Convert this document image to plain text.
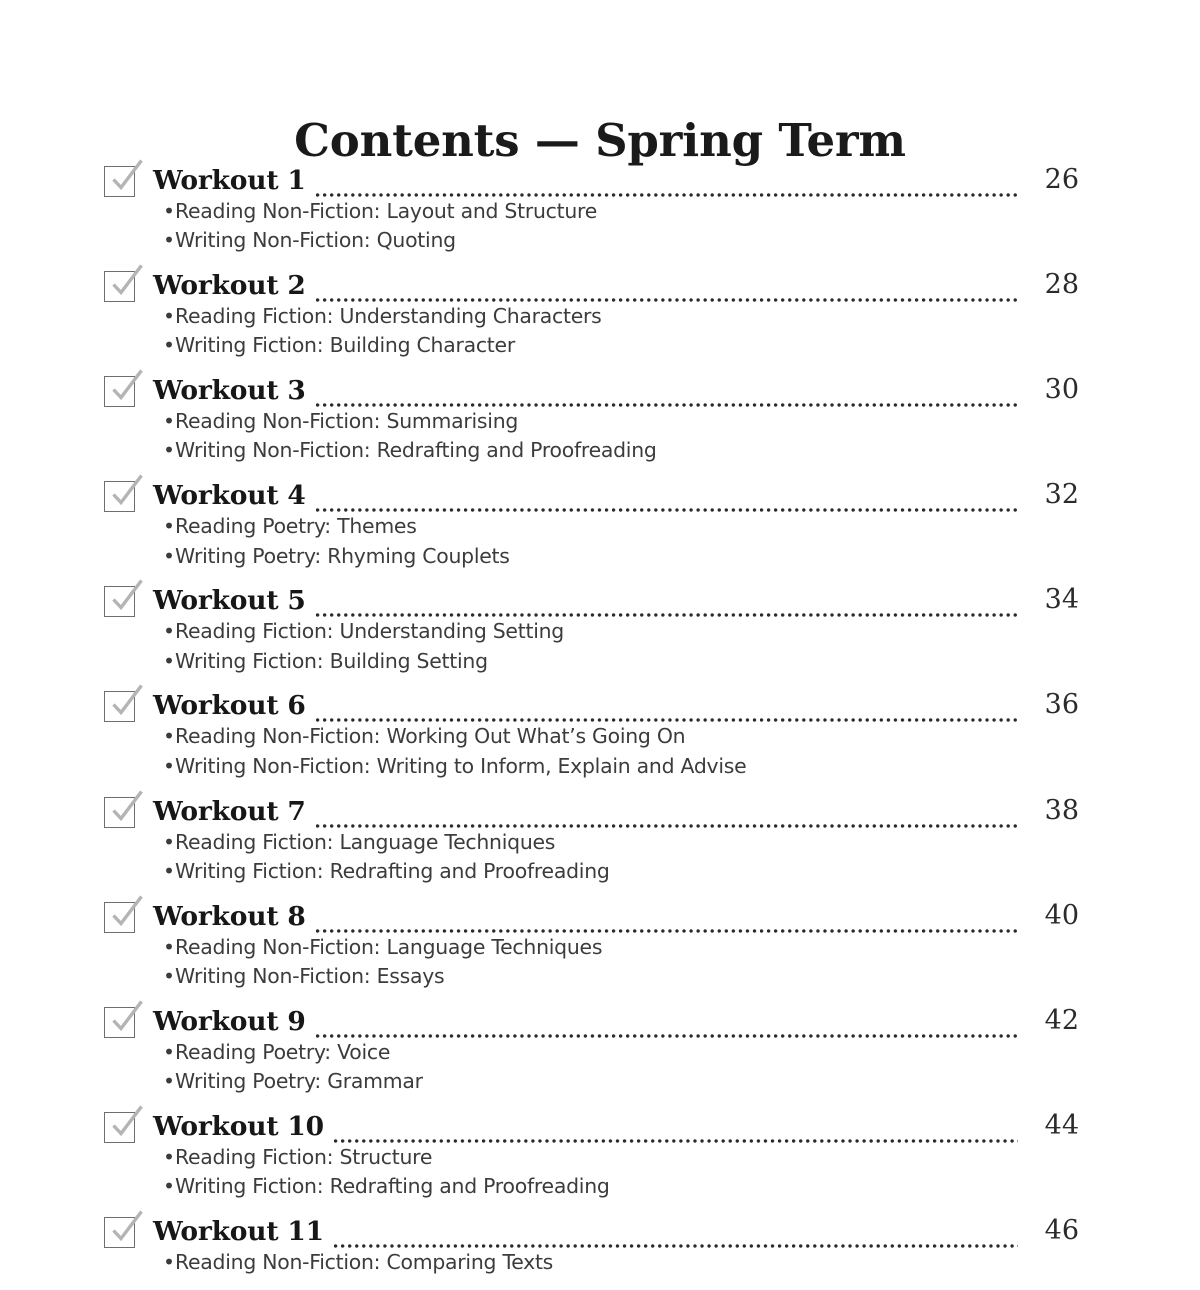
Contents — Spring Term
Workout 1	26
• Reading Non-Fiction: Layout and Structure
• Writing Non-Fiction: Quoting
Workout 2	28
• Reading Fiction: Understanding Characters
• Writing Fiction: Building Character
Workout 3	30
• Reading Non-Fiction: Summarising
• Writing Non-Fiction: Redrafting and Proofreading
Workout 4	32
• Reading Poetry: Themes
• Writing Poetry: Rhyming Couplets
Workout 5	34
• Reading Fiction: Understanding Setting
• Writing Fiction: Building Setting
Workout 6	36
• Reading Non-Fiction: Working Out What’s Going On
• Writing Non-Fiction: Writing to Inform, Explain and Advise
Workout 7	38
• Reading Fiction: Language Techniques
• Writing Fiction: Redrafting and Proofreading
Workout 8	40
• Reading Non-Fiction: Language Techniques
• Writing Non-Fiction: Essays
Workout 9	42
• Reading Poetry: Voice
• Writing Poetry: Grammar
Workout 10	44
• Reading Fiction: Structure
• Writing Fiction: Redrafting and Proofreading
Workout 11	46
• Reading Non-Fiction: Comparing Texts
